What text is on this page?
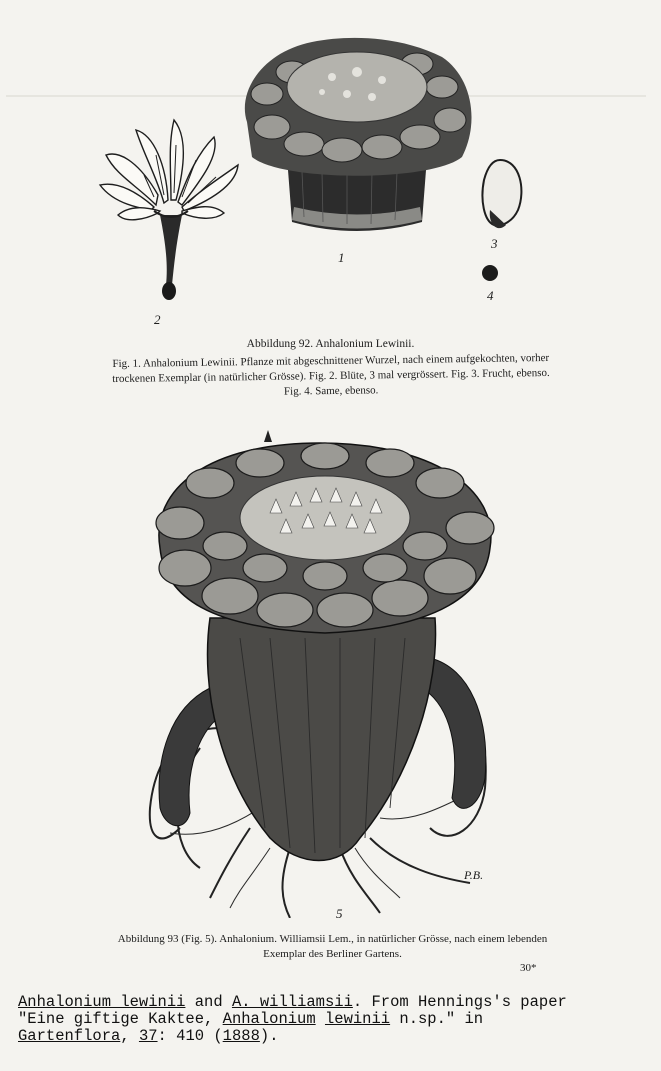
2
1
3
4
Abbildung 92. Anhalonium Lewinii.
Fig. 1. Anhalonium Lewinii. Pflanze mit abgeschnittener Wurzel, nach einem aufgekochten, vorher
trockenen Exemplar (in natürlicher Grösse). Fig. 2. Blüte, 3 mal vergrössert. Fig. 3. Frucht, ebenso.
Fig. 4. Same, ebenso.
5
P.B.
Abbildung 93 (Fig. 5). Anhalonium. Williamsii Lem., in natürlicher Grösse, nach einem lebenden
Exemplar des Berliner Gartens.
30*
Anhalonium lewinii and A. williamsii. From Hennings's paper
"Eine giftige Kaktee, Anhalonium lewinii n.sp." in
Gartenflora, 37: 410 (1888).
